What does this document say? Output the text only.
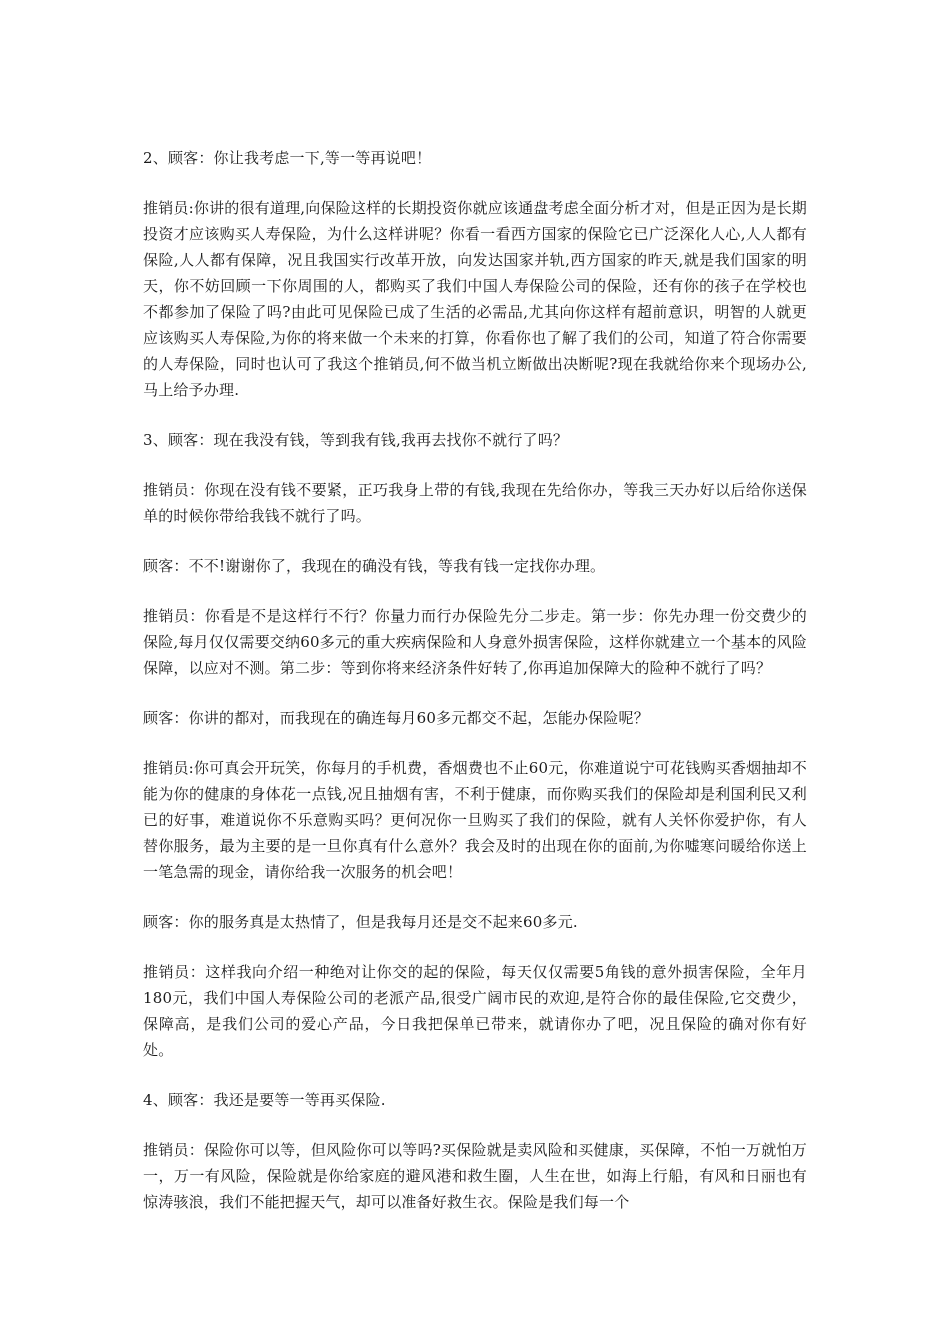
2、顾客：你让我考虑一下,等一等再说吧！

推销员:你讲的很有道理,向保险这样的长期投资你就应该通盘考虑全面分析才对，但是正因为是长期投资才应该购买人寿保险，为什么这样讲呢？你看一看西方国家的保险它已广泛深化人心,人人都有保险,人人都有保障，况且我国实行改革开放，向发达国家并轨,西方国家的昨天,就是我们国家的明天，你不妨回顾一下你周围的人，都购买了我们中国人寿保险公司的保险，还有你的孩子在学校也不都参加了保险了吗?由此可见保险已成了生活的必需品,尤其向你这样有超前意识，明智的人就更应该购买人寿保险,为你的将来做一个未来的打算，你看你也了解了我们的公司，知道了符合你需要的人寿保险，同时也认可了我这个推销员,何不做当机立断做出决断呢?现在我就给你来个现场办公,马上给予办理.

3、顾客：现在我没有钱，等到我有钱,我再去找你不就行了吗？

推销员：你现在没有钱不要紧，正巧我身上带的有钱,我现在先给你办，等我三天办好以后给你送保单的时候你带给我钱不就行了吗。

顾客：不不!谢谢你了，我现在的确没有钱，等我有钱一定找你办理。

推销员：你看是不是这样行不行？你量力而行办保险先分二步走。第一步：你先办理一份交费少的保险,每月仅仅需要交纳60多元的重大疾病保险和人身意外损害保险，这样你就建立一个基本的风险保障，以应对不测。第二步：等到你将来经济条件好转了,你再追加保障大的险种不就行了吗？

顾客：你讲的都对，而我现在的确连每月60多元都交不起，怎能办保险呢？

推销员:你可真会开玩笑，你每月的手机费，香烟费也不止60元，你难道说宁可花钱购买香烟抽却不能为你的健康的身体花一点钱,况且抽烟有害，不利于健康，而你购买我们的保险却是利国利民又利已的好事，难道说你不乐意购买吗？更何况你一旦购买了我们的保险，就有人关怀你爱护你，有人替你服务，最为主要的是一旦你真有什么意外？我会及时的出现在你的面前,为你嘘寒问暖给你送上一笔急需的现金，请你给我一次服务的机会吧！

顾客：你的服务真是太热情了，但是我每月还是交不起来60多元.

推销员：这样我向介绍一种绝对让你交的起的保险，每天仅仅需要5角钱的意外损害保险，全年月180元，我们中国人寿保险公司的老派产品,很受广阔市民的欢迎,是符合你的最佳保险,它交费少，保障高，是我们公司的爱心产品，今日我把保单已带来，就请你办了吧，况且保险的确对你有好处。

4、顾客：我还是要等一等再买保险.

推销员：保险你可以等，但风险你可以等吗?买保险就是卖风险和买健康，买保障，不怕一万就怕万一，万一有风险，保险就是你给家庭的避风港和救生圈，人生在世，如海上行船，有风和日丽也有惊涛骇浪，我们不能把握天气，却可以准备好救生衣。保险是我们每一个
